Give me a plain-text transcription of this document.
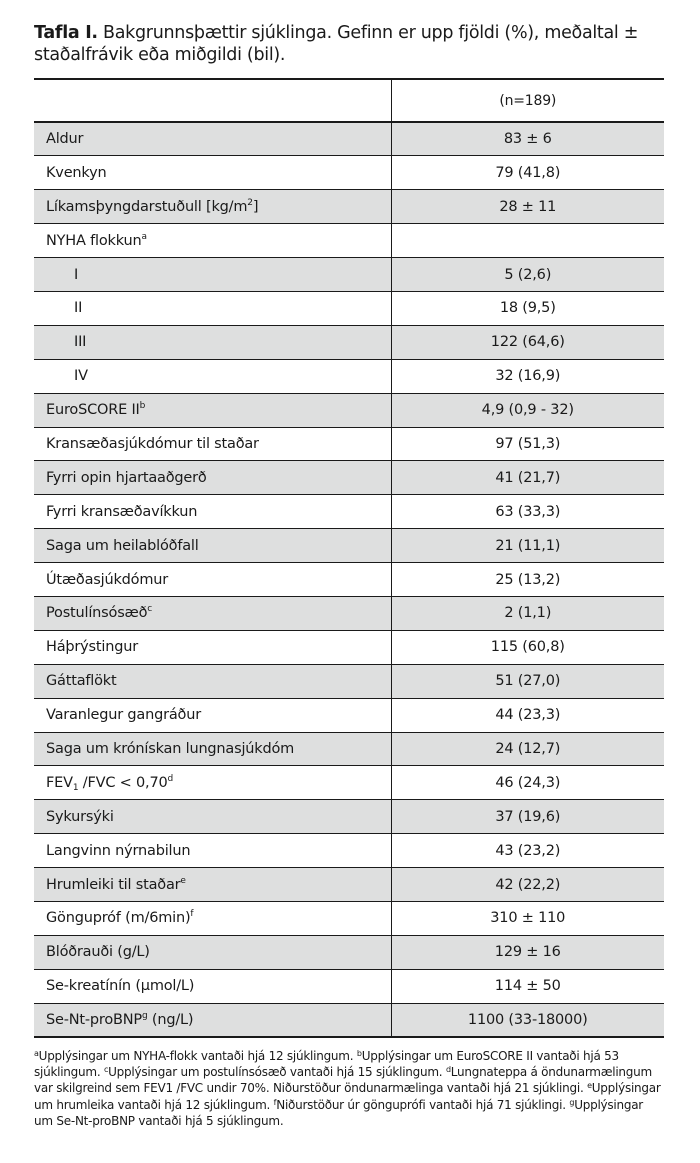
Tafla I. Bakgrunnsþættir sjúklinga. Gefinn er upp fjöldi (%), meðaltal ± staðalfrávik eða miðgildi (bil).
	(n=189)
Aldur	83 ± 6
Kvenkyn	79 (41,8)
Líkamsþyngdarstuðull $[kg/m^2]$	28 ± 11
NYHA flokkun$^a$	
I	5 (2,6)
II	18 (9,5)
III	122 (64,6)
IV	32 (16,9)
EuroSCORE $II^b$	4,9 (0,9 - 32)
Kransæðasjúkdómur til staðar	97 (51,3)
Fyrri opin hjartaaðgerð	41 (21,7)
Fyrri kransæðavíkkun	63 (33,3)
Saga um heilablóðfall	21 (11,1)
Útæðasjúkdómur	25 (13,2)
Postulínsósæð$^c$	2 (1,1)
Háþrýstingur	115 (60,8)
Gáttaflökt	51 (27,0)
Varanlegur gangráður	44 (23,3)
Saga um krónískan lungnasjúkdóm	24 (12,7)
$FEV_1$ /FVC < 0,70$^d$	46 (24,3)
Sykursýki	37 (19,6)
Langvinn nýrnabilun	43 (23,2)
Hrumleiki til staðar$^e$	42 (22,2)
Göngupróf $(m/6\min)^f$	310 ± 110
Blóðrauði (g/L)	129 ± 16
Se-kreatínín (µmol/L)	114 ± 50
Se-Nt-proBNP$^g$ (ng/L)	1100 (33-18000)
$^a$Upplýsingar um NYHA-flokk vantaði hjá 12 sjúklingum. $^b$Upplýsingar um EuroSCORE II vantaði hjá 53 sjúklingum. $^c$Upplýsingar um postulínsósæð vantaði hjá 15 sjúklingum. $^d$Lungnateppa á öndunarmælingum var skilgreind sem FEV1 /FVC undir 70%. Niðurstöður öndunarmælinga vantaði hjá 21 sjúklingi. $^e$Upplýsingar um hrumleika vantaði hjá 12 sjúklingum. $^f$Niðurstöður úr gönguprófi vantaði hjá 71 sjúklingi. $^g$Upplýsingar um Se-Nt-proBNP vantaði hjá 5 sjúklingum.
